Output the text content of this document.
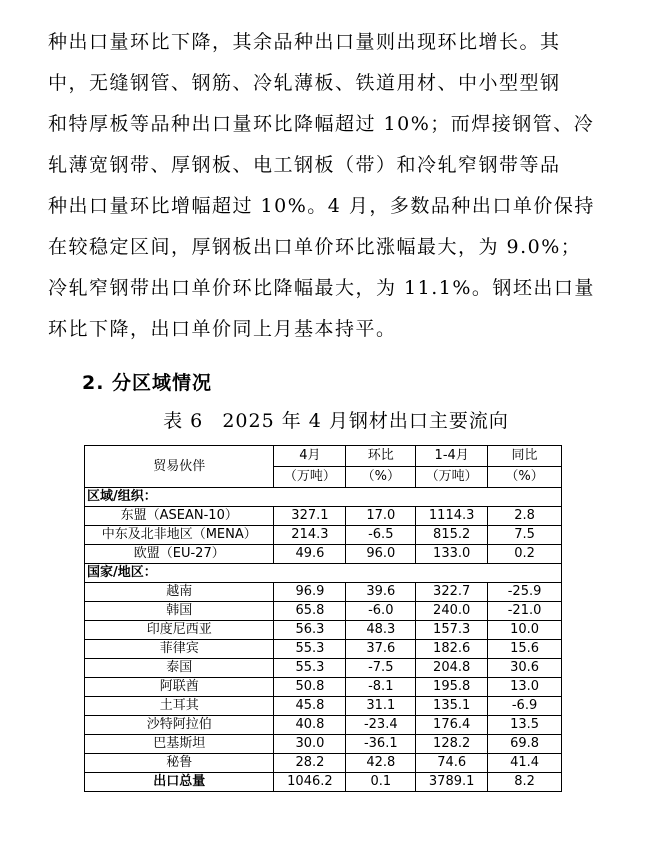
种出口量环比下降，其余品种出口量则出现环比增长。其
中，无缝钢管、钢筋、冷轧薄板、铁道用材、中小型型钢
和特厚板等品种出口量环比降幅超过 10%；而焊接钢管、冷
轧薄宽钢带、厚钢板、电工钢板（带）和冷轧窄钢带等品
种出口量环比增幅超过 10%。4 月，多数品种出口单价保持
在较稳定区间，厚钢板出口单价环比涨幅最大，为 9.0%；
冷轧窄钢带出口单价环比降幅最大，为 11.1%。钢坯出口量
环比下降，出口单价同上月基本持平。
2. 分区域情况
表 6 2025 年 4 月钢材出口主要流向
贸易伙伴	4月	环比	1-4月	同比
	（万吨）	（%）	（万吨）	（%）
区域/组织：				
东盟（ASEAN-10）	327.1	17.0	1114.3	2.8
中东及北非地区（MENA）	214.3	-6.5	815.2	7.5
欧盟（EU-27）	49.6	96.0	133.0	0.2
国家/地区：				
越南	96.9	39.6	322.7	-25.9
韩国	65.8	-6.0	240.0	-21.0
印度尼西亚	56.3	48.3	157.3	10.0
菲律宾	55.3	37.6	182.6	15.6
泰国	55.3	-7.5	204.8	30.6
阿联酋	50.8	-8.1	195.8	13.0
土耳其	45.8	31.1	135.1	-6.9
沙特阿拉伯	40.8	-23.4	176.4	13.5
巴基斯坦	30.0	-36.1	128.2	69.8
秘鲁	28.2	42.8	74.6	41.4
出口总量	1046.2	0.1	3789.1	8.2
